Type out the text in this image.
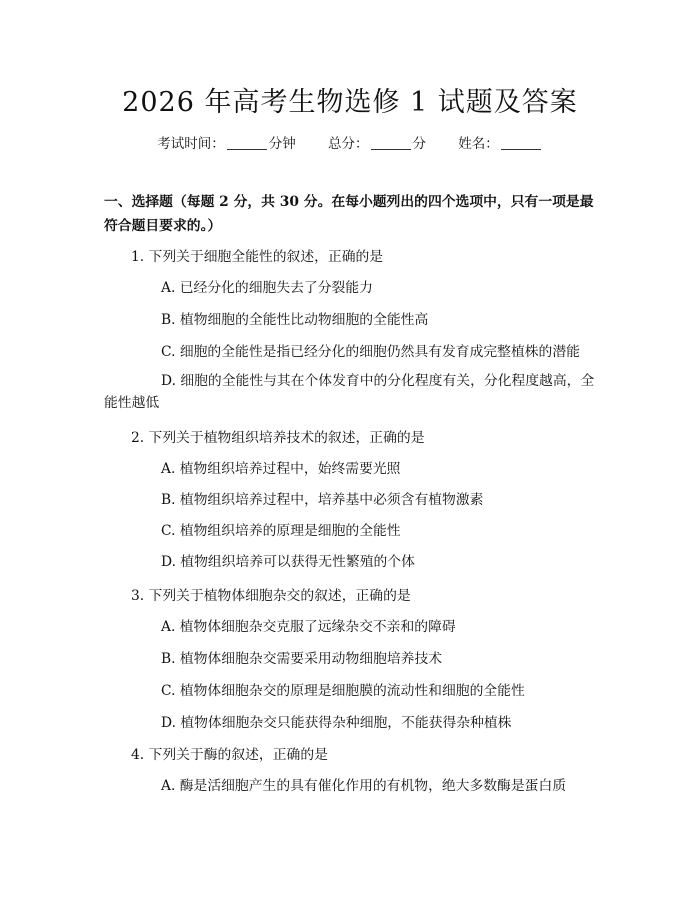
2026 年高考生物选修 1 试题及答案
考试时间：	分钟 总分：	分 姓名：
一、选择题（每题 2 分，共 30 分。在每小题列出的四个选项中，只有一项是最符合题目要求的。）
1. 下列关于细胞全能性的叙述，正确的是
A. 已经分化的细胞失去了分裂能力
B. 植物细胞的全能性比动物细胞的全能性高
C. 细胞的全能性是指已经分化的细胞仍然具有发育成完整植株的潜能
D. 细胞的全能性与其在个体发育中的分化程度有关，分化程度越高，全能性越低
2. 下列关于植物组织培养技术的叙述，正确的是
A. 植物组织培养过程中，始终需要光照
B. 植物组织培养过程中，培养基中必须含有植物激素
C. 植物组织培养的原理是细胞的全能性
D. 植物组织培养可以获得无性繁殖的个体
3. 下列关于植物体细胞杂交的叙述，正确的是
A. 植物体细胞杂交克服了远缘杂交不亲和的障碍
B. 植物体细胞杂交需要采用动物细胞培养技术
C. 植物体细胞杂交的原理是细胞膜的流动性和细胞的全能性
D. 植物体细胞杂交只能获得杂种细胞，不能获得杂种植株
4. 下列关于酶的叙述，正确的是
A. 酶是活细胞产生的具有催化作用的有机物，绝大多数酶是蛋白质
